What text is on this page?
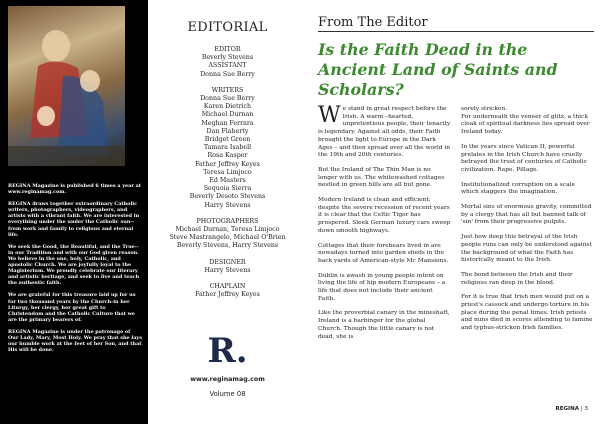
REGINA Magazine is published 6 times a year at www.reginamag.com.

REGINA draws together extraordinary Catholic writers, photographers, videographers, and artists with a vibrant faith. We are interested in everything under the under the Catholic sun--from work and family to religious and eternal life.

We seek the Good, the Beautiful, and the True--in our Tradition and with our God given reason. We believe in the one, holy, Catholic, and apostolic Church. We are joyfully loyal to the Magisterium. We proudly celebrate our literary and artistic heritage, and seek to live and teach the authentic faith.

We are grateful for this treasure laid up for us for two thousand years by the Church-in her Liturgy, her clergy, her great gift to Christendom and the Catholic Culture that we are the primary bearers of.

REGINA Magazine is under the patronage of Our Lady, Mary, Most Holy. We pray that she lays our humble work at the feet of her Son, and that His will be done.

EDITORIAL
EDITOR
Beverly Stevens
ASSISTANT
Donna Sue Berry
WRITERS
Donna Sue Berry
Karen Dietrich
Michael Durnan
Meghan Ferrara
Dan Flaherty
Bridget Green
Tamara Isabell
Rosa Kasper
Father Jeffrey Keyes
Teresa Limjoco
Ed Masters
Sequoia Sierra
Beverly Desoto Stevens
Harry Stevens
PHOTOGRAPHERS
Michael Durnan, Teresa Limjoco
Steve Mastrangelo, Michael O'Brien
Beverly Stevens, Harry Stevens
DESIGNER
Harry Stevens
CHAPLAIN
Father Jeffrey Keyes
R.
www.reginamag.com
Volume 08
From The Editor
Is the Faith Dead in the Ancient Land of Saints and Scholars?

We stand in great respect before the Irish. A warm –hearted, unpretentious people, their tenacity is legendary. Against all odds, their Faith brought the light to Europe in the Dark Ages – and then spread over all the world in the 19th and 20th centuries.

But the Ireland of The Thin Man is no longer with us. The whitewashed cottages nestled in green hills are all but gone.

Modern Ireland is clean and efficient; despite the severe recession of recent years it is clear that the Celtic Tiger has prospered. Sleek German luxury cars sweep down smooth highways.

Cottages that their forebears lived in are nowadays turned into garden sheds in the back yards of American-style Mc Mansions.

Dublin is awash in young people intent on living the life of hip modern Europeans – a life that does not include their ancient Faith.

Like the proverbial canary in the mineshaft, Ireland is a harbinger for the global Church. Though the little canary is not dead, she is

sorely stricken.
For underneath the veneer of glitz, a thick cloak of spiritual darkness lies spread over Ireland today.

In the years since Vatican II, powerful prelates in the Irish Church have cruelly betrayed the trust of centuries of Catholic civilization. Rape. Pillage.

Institutionalized corruption on a scale which staggers the imagination.

Mortal sins of enormous gravity, committed by a clergy that has all but banned talk of 'sin' from their progressive pulpits.

Just how deep this betrayal of the Irish people runs can only be understood against the background of what the Faith has historically meant to the Irish.

The bond between the Irish and their religious ran deep in the blood.

For it is true that Irish men would put on a priest's cassock and undergo torture in his place during the penal times. Irish priests and nuns died in scores attending to famine and typhus-stricken Irish families.

REGINA | 3
